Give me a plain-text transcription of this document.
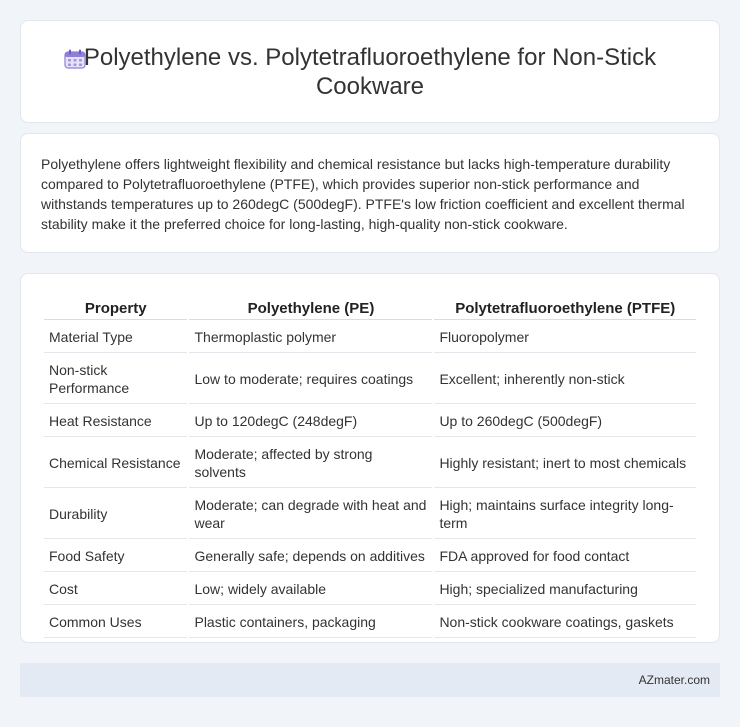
Polyethylene vs. Polytetrafluoroethylene for Non-Stick Cookware

Polyethylene offers lightweight flexibility and chemical resistance but lacks high-temperature durability compared to Polytetrafluoroethylene (PTFE), which provides superior non-stick performance and withstands temperatures up to 260degC (500degF). PTFE's low friction coefficient and excellent thermal stability make it the preferred choice for long-lasting, high-quality non-stick cookware.

Property	Polyethylene (PE)	Polytetrafluoroethylene (PTFE)
Material Type	Thermoplastic polymer	Fluoropolymer
Non-stick Performance	Low to moderate; requires coatings	Excellent; inherently non-stick
Heat Resistance	Up to 120degC (248degF)	Up to 260degC (500degF)
Chemical Resistance	Moderate; affected by strong solvents	Highly resistant; inert to most chemicals
Durability	Moderate; can degrade with heat and wear	High; maintains surface integrity long-term
Food Safety	Generally safe; depends on additives	FDA approved for food contact
Cost	Low; widely available	High; specialized manufacturing
Common Uses	Plastic containers, packaging	Non-stick cookware coatings, gaskets
AZmater.com
